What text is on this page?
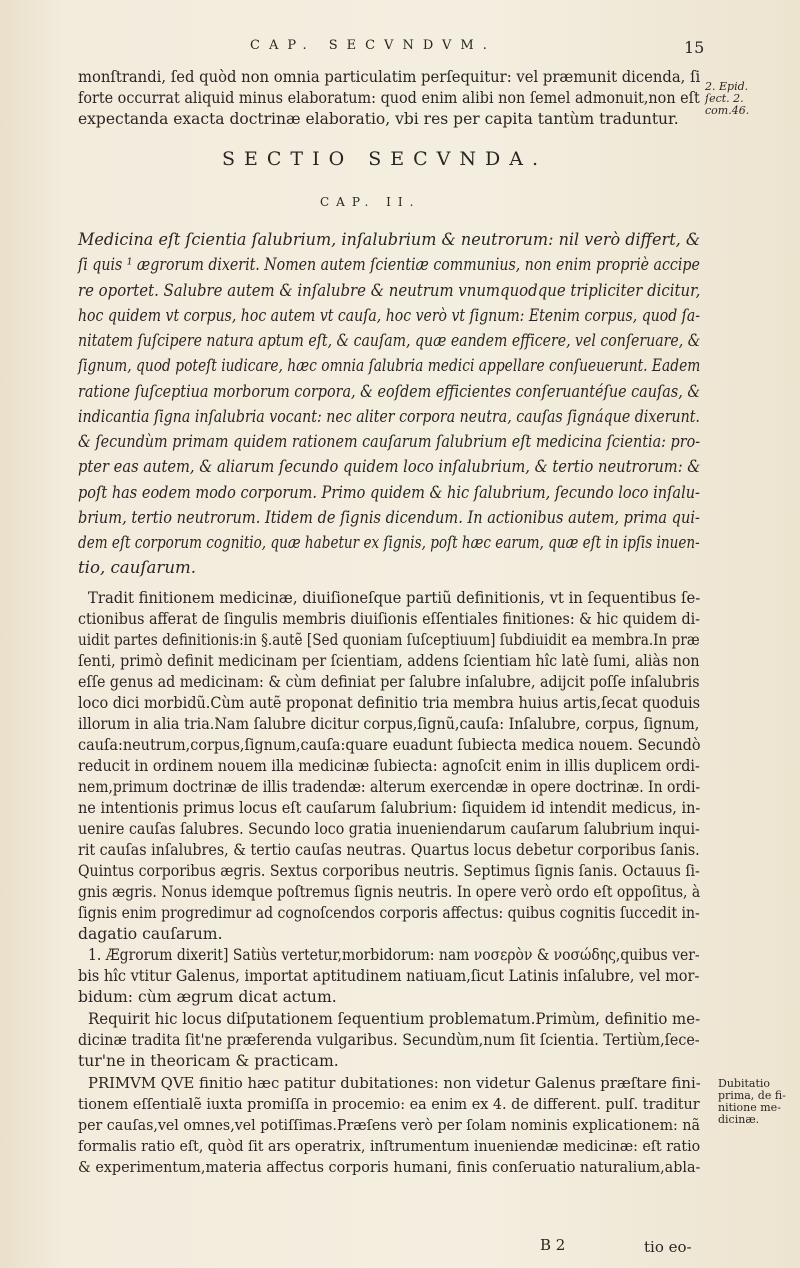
CAP. SECVNDVM.	15
monſtrandi, ſed quòd non omnia particulatim perſequitur: vel præmunit dicenda, ſi
forte occurrat aliquid minus elaboratum: quod enim alibi non ſemel admonuit,non eſt
expectanda exacta doctrinæ elaboratio, vbi res per capita tantùm traduntur.
2. Epid.
ſect. 2.
com.46.
SECTIO SECVNDA.
CAP. II.
Medicina eſt ſcientia ſalubrium, inſalubrium & neutrorum: nil verò differt, &
ſi quis ¹ ægrorum dixerit. Nomen autem ſcientiæ communius, non enim propriè accipe
re oportet. Salubre autem & inſalubre & neutrum vnumquodque tripliciter dicitur,
hoc quidem vt corpus, hoc autem vt cauſa, hoc verò vt ſignum: Etenim corpus, quod ſa-
nitatem ſuſcipere natura aptum eſt, & cauſam, quæ eandem efficere, vel conſeruare, &
ſignum, quod poteſt iudicare, hæc omnia ſalubria medici appellare conſueuerunt. Eadem
ratione ſuſceptiua morborum corpora, & eoſdem efficientes conſeruantéſue cauſas, &
indicantia ſigna inſalubria vocant: nec aliter corpora neutra, cauſas ſignáque dixerunt.
& ſecundùm primam quidem rationem cauſarum ſalubrium eſt medicina ſcientia: pro-
pter eas autem, & aliarum ſecundo quidem loco inſalubrium, & tertio neutrorum: &
poſt has eodem modo corporum. Primo quidem & hic ſalubrium, ſecundo loco inſalu-
brium, tertio neutrorum. Itidem de ſignis dicendum. In actionibus autem, prima qui-
dem eſt corporum cognitio, quæ habetur ex ſignis, poſt hæc earum, quæ eſt in ipſis inuen-
tio, cauſarum.
Tradit finitionem medicinæ, diuiſioneſque partiũ definitionis, vt in ſequentibus ſe-
ctionibus afferat de ſingulis membris diuiſionis eſſentiales finitiones: & hic quidem di-
uidit partes definitionis:in §.autẽ [Sed quoniam ſuſceptiuum] ſubdiuidit ea membra.In præ
ſenti, primò definit medicinam per ſcientiam, addens ſcientiam hîc latè ſumi, aliàs non
eſſe genus ad medicinam: & cùm definiat per ſalubre inſalubre, adijcit poſſe inſalubris
loco dici morbidũ.Cùm autẽ proponat definitio tria membra huius artis,ſecat quoduis
illorum in alia tria.Nam ſalubre dicitur corpus,ſignũ,cauſa: Inſalubre, corpus, ſignum,
cauſa:neutrum,corpus,ſignum,cauſa:quare euadunt ſubiecta medica nouem. Secundò
reducit in ordinem nouem illa medicinæ ſubiecta: agnoſcit enim in illis duplicem ordi-
nem,primum doctrinæ de illis tradendæ: alterum exercendæ in opere doctrinæ. In ordi-
ne intentionis primus locus eſt cauſarum ſalubrium: ſiquidem id intendit medicus, in-
uenire cauſas ſalubres. Secundo loco gratia inueniendarum cauſarum ſalubrium inqui-
rit cauſas inſalubres, & tertio cauſas neutras. Quartus locus debetur corporibus ſanis.
Quintus corporibus ægris. Sextus corporibus neutris. Septimus ſignis ſanis. Octauus ſi-
gnis ægris. Nonus idemque poſtremus ſignis neutris. In opere verò ordo eſt oppoſitus, à
ſignis enim progredimur ad cognoſcendos corporis affectus: quibus cognitis ſuccedit in-
dagatio cauſarum.
1. Ægrorum dixerit] Satiùs vertetur,morbidorum: nam νοσερὸν & νοσώδης,quibus ver-
bis hîc vtitur Galenus, importat aptitudinem natiuam,ſicut Latinis inſalubre, vel mor-
bidum: cùm ægrum dicat actum.
Requirit hic locus diſputationem ſequentium problematum.Primùm, definitio me-
dicinæ tradita ſit'ne præferenda vulgaribus. Secundùm,num ſit ſcientia. Tertiùm,ſece-
tur'ne in theoricam & practicam.
PRIMVM QVE finitio hæc patitur dubitationes: non videtur Galenus præſtare fini-
tionem eſſentialẽ iuxta promiſſa in procemio: ea enim ex 4. de different. pulſ. traditur
per cauſas,vel omnes,vel potiſſimas.Præſens verò per ſolam nominis explicationem: nã
formalis ratio eſt, quòd ſit ars operatrix, inſtrumentum inueniendæ medicinæ: eſt ratio
& experimentum,materia affectus corporis humani, finis conſeruatio naturalium,abla-
Dubitatio
prima, de fi-
nitione me-
dicinæ.
B 2	tio eo-
